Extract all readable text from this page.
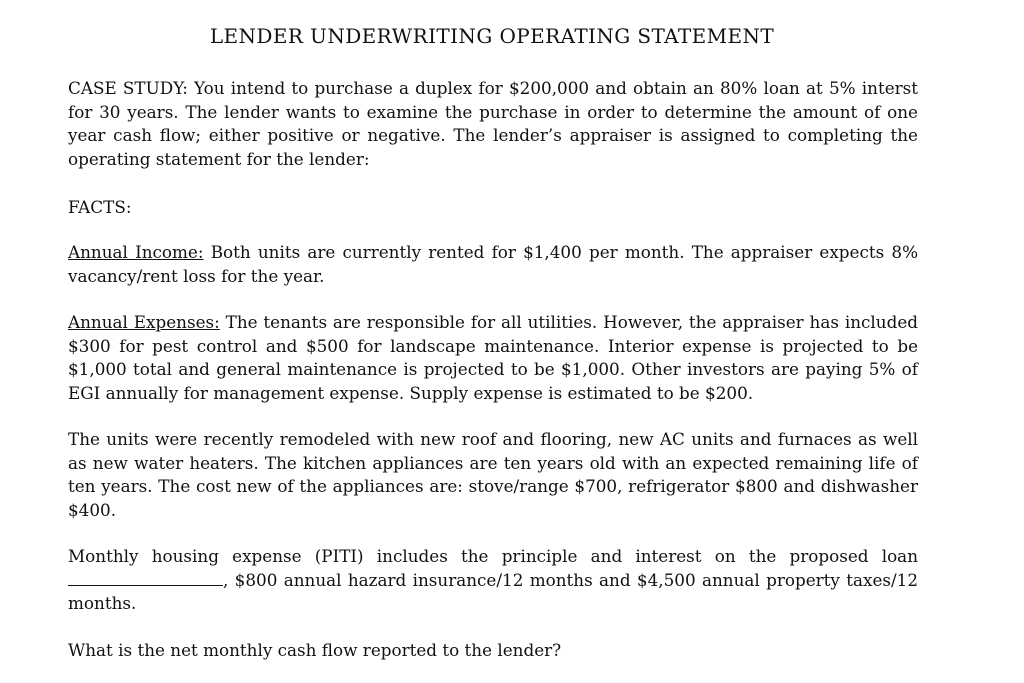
LENDER UNDERWRITING OPERATING STATEMENT

CASE STUDY: You intend to purchase a duplex for $200,000 and obtain an 80% loan at 5% interst for 30 years. The lender wants to examine the purchase in order to determine the amount of one year cash flow; either positive or negative. The lender’s appraiser is assigned to completing the operating statement for the lender:

FACTS:

Annual Income: Both units are currently rented for $1,400 per month. The appraiser expects 8% vacancy/rent loss for the year.

Annual Expenses: The tenants are responsible for all utilities. However, the appraiser has included $300 for pest control and $500 for landscape maintenance. Interior expense is projected to be $1,000 total and general maintenance is projected to be $1,000. Other investors are paying 5% of EGI annually for management expense. Supply expense is estimated to be $200.

The units were recently remodeled with new roof and flooring, new AC units and furnaces as well as new water heaters. The kitchen appliances are ten years old with an expected remaining life of ten years. The cost new of the appliances are: stove/range $700, refrigerator $800 and dishwasher $400.

Monthly housing expense (PITI) includes the principle and interest on the proposed loan, $800 annual hazard insurance/12 months and $4,500 annual property taxes/12 months.

What is the net monthly cash flow reported to the lender?
